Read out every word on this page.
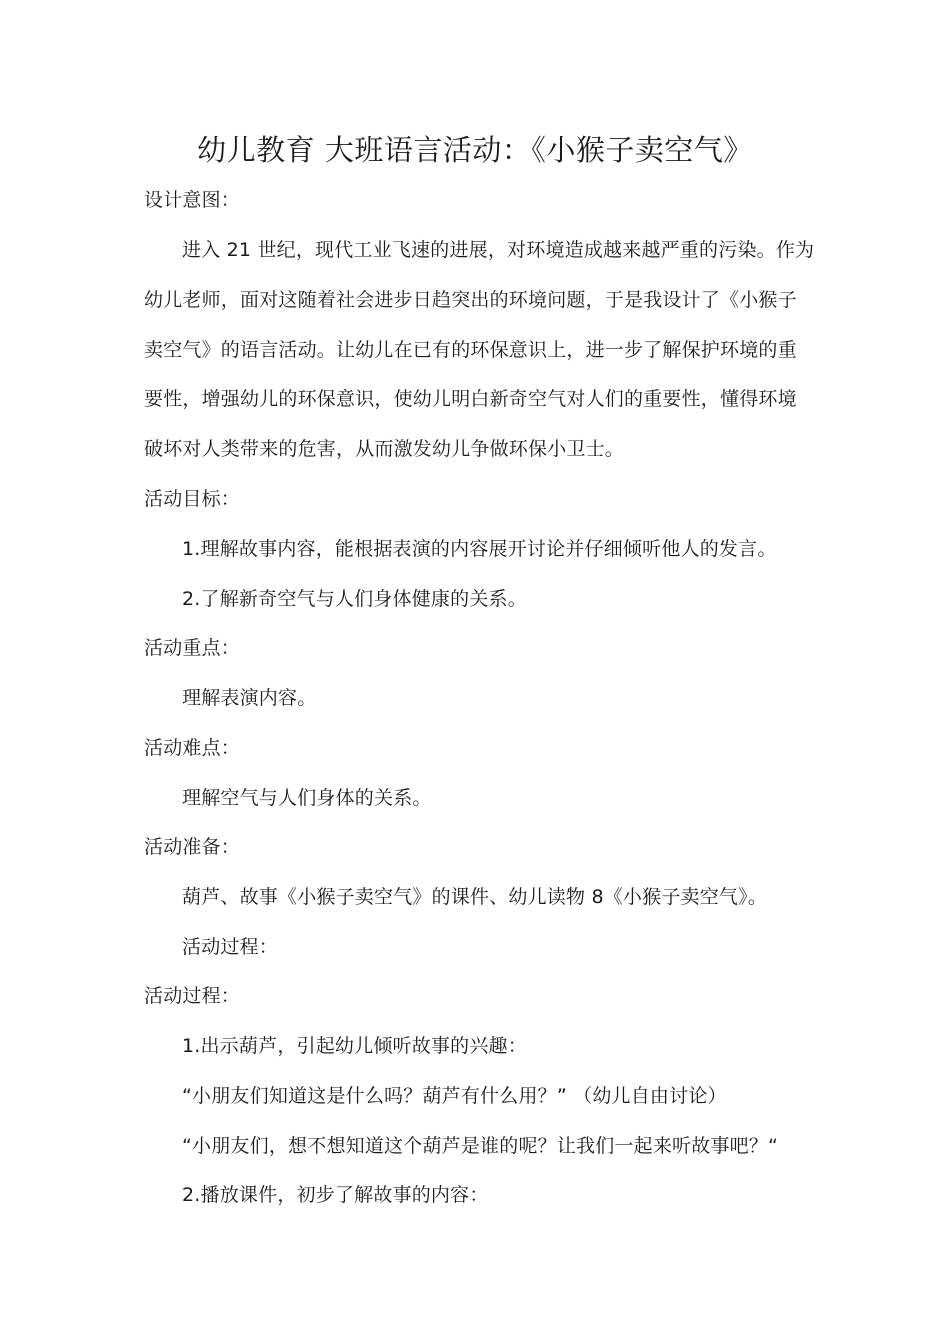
幼儿教育 大班语言活动：《小猴子卖空气》
设计意图：
进入 21 世纪，现代工业飞速的进展，对环境造成越来越严重的污染。作为
幼儿老师，面对这随着社会进步日趋突出的环境问题，于是我设计了《小猴子
卖空气》的语言活动。让幼儿在已有的环保意识上，进一步了解保护环境的重
要性，增强幼儿的环保意识，使幼儿明白新奇空气对人们的重要性，懂得环境
破坏对人类带来的危害，从而激发幼儿争做环保小卫士。
活动目标：
1.理解故事内容，能根据表演的内容展开讨论并仔细倾听他人的发言。
2.了解新奇空气与人们身体健康的关系。
活动重点：
理解表演内容。
活动难点：
理解空气与人们身体的关系。
活动准备：
葫芦、故事《小猴子卖空气》的课件、幼儿读物 8《小猴子卖空气》。
活动过程：
活动过程：
1.出示葫芦，引起幼儿倾听故事的兴趣：
“小朋友们知道这是什么吗？葫芦有什么用？” （幼儿自由讨论）
“小朋友们，想不想知道这个葫芦是谁的呢？让我们一起来听故事吧？“
2.播放课件，初步了解故事的内容：
